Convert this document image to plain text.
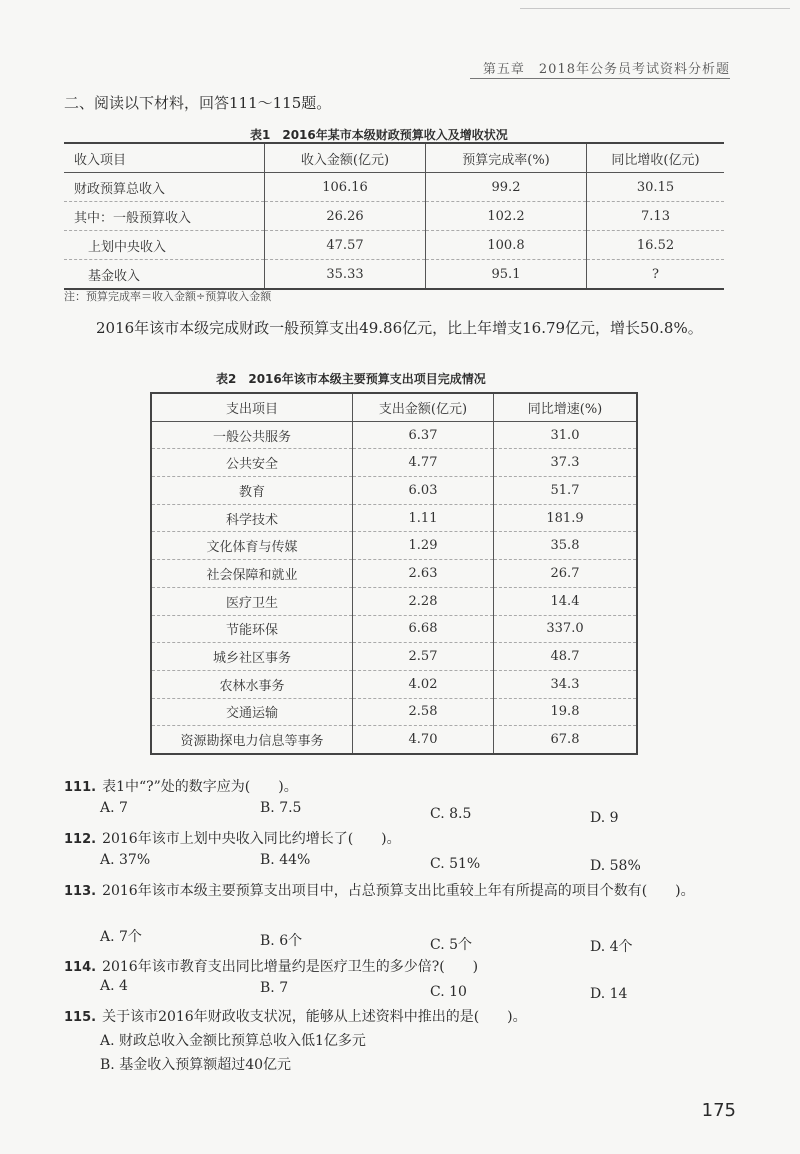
第五章　2018年公务员考试资料分析题
二、阅读以下材料，回答111～115题。
表1　2016年某市本级财政预算收入及增收状况
收入项目	收入金额(亿元)	预算完成率(%)	同比增收(亿元)
财政预算总收入	106.16	99.2	30.15
其中：一般预算收入	26.26	102.2	7.13
上划中央收入	47.57	100.8	16.52
基金收入	35.33	95.1	?
注：预算完成率＝收入金额÷预算收入金额
2016年该市本级完成财政一般预算支出49.86亿元，比上年增支16.79亿元，增长50.8%。
表2　2016年该市本级主要预算支出项目完成情况
支出项目	支出金额(亿元)	同比增速(%)
一般公共服务	6.37	31.0
公共安全	4.77	37.3
教育	6.03	51.7
科学技术	1.11	181.9
文化体育与传媒	1.29	35.8
社会保障和就业	2.63	26.7
医疗卫生	2.28	14.4
节能环保	6.68	337.0
城乡社区事务	2.57	48.7
农林水事务	4.02	34.3
交通运输	2.58	19.8
资源勘探电力信息等事务	4.70	67.8
111. 表1中“?”处的数字应为(　　)。
A. 7	B. 7.5	C. 8.5	D. 9
112. 2016年该市上划中央收入同比约增长了(　　)。
A. 37%	B. 44%	C. 51%	D. 58%
113. 2016年该市本级主要预算支出项目中，占总预算支出比重较上年有所提高的项目个数有(　　)。
A. 7个	B. 6个	C. 5个	D. 4个
114. 2016年该市教育支出同比增量约是医疗卫生的多少倍?(　　)
A. 4	B. 7	C. 10	D. 14
115. 关于该市2016年财政收支状况，能够从上述资料中推出的是(　　)。
A. 财政总收入金额比预算总收入低1亿多元
B. 基金收入预算额超过40亿元
175
